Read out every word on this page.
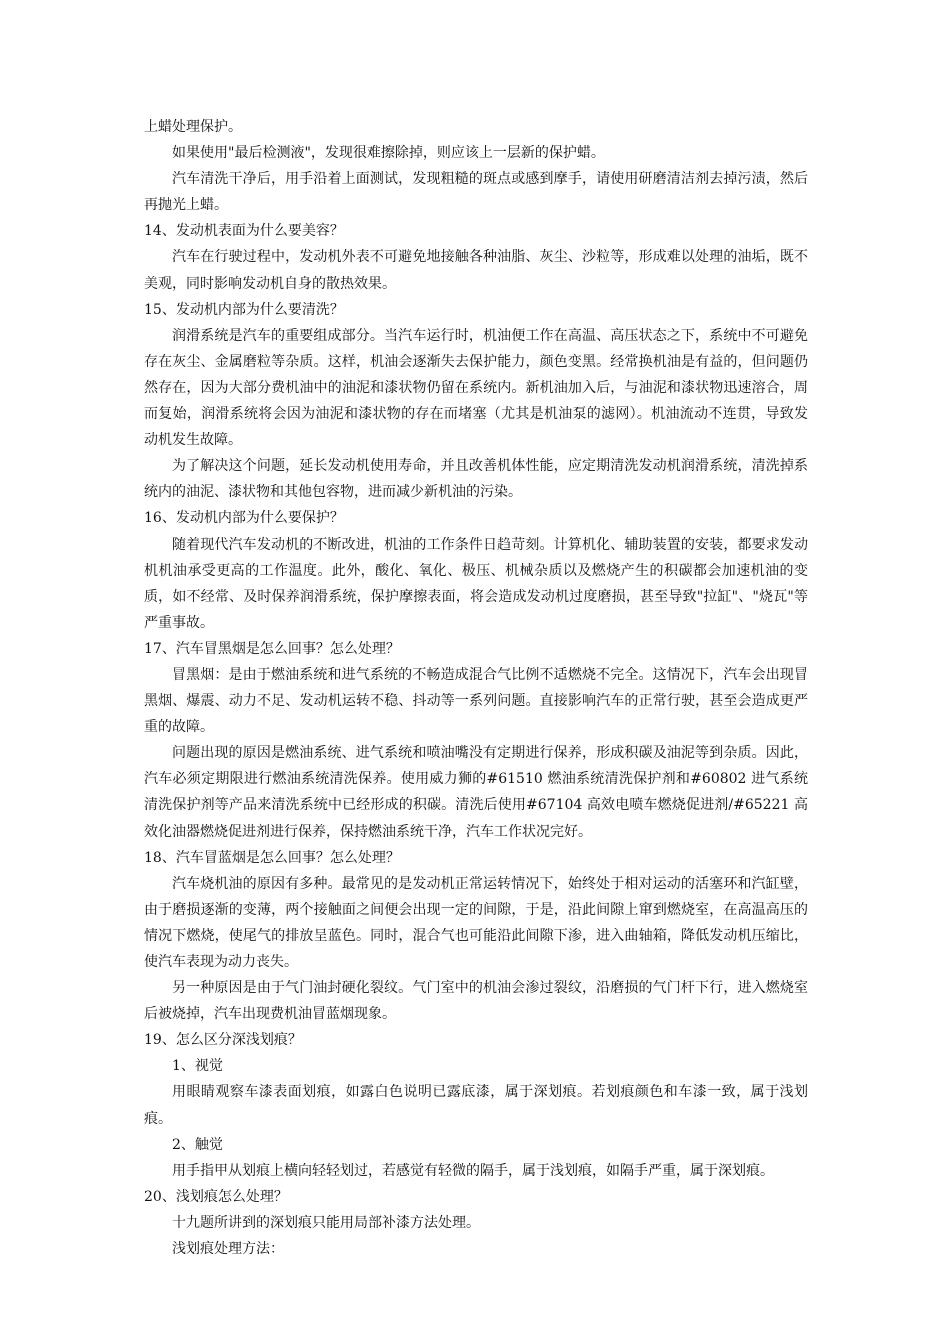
上蜡处理保护。

如果使用"最后检测液"，发现很难擦除掉，则应该上一层新的保护蜡。

汽车清洗干净后，用手沿着上面测试，发现粗糙的斑点或感到摩手，请使用研磨清洁剂去掉污渍，然后再抛光上蜡。

14、发动机表面为什么要美容？

汽车在行驶过程中，发动机外表不可避免地接触各种油脂、灰尘、沙粒等，形成难以处理的油垢，既不美观，同时影响发动机自身的散热效果。

15、发动机内部为什么要清洗？

润滑系统是汽车的重要组成部分。当汽车运行时，机油便工作在高温、高压状态之下，系统中不可避免存在灰尘、金属磨粒等杂质。这样，机油会逐渐失去保护能力，颜色变黑。经常换机油是有益的，但问题仍然存在，因为大部分费机油中的油泥和漆状物仍留在系统内。新机油加入后，与油泥和漆状物迅速溶合，周而复始，润滑系统将会因为油泥和漆状物的存在而堵塞（尤其是机油泵的滤网）。机油流动不连贯，导致发动机发生故障。

为了解决这个问题，延长发动机使用寿命，并且改善机体性能，应定期清洗发动机润滑系统，清洗掉系统内的油泥、漆状物和其他包容物，进而减少新机油的污染。

16、发动机内部为什么要保护？

随着现代汽车发动机的不断改进，机油的工作条件日趋苛刻。计算机化、辅助装置的安装，都要求发动机机油承受更高的工作温度。此外，酸化、氧化、极压、机械杂质以及燃烧产生的积碳都会加速机油的变质，如不经常、及时保养润滑系统，保护摩擦表面，将会造成发动机过度磨损，甚至导致"拉缸"、"烧瓦"等严重事故。

17、汽车冒黑烟是怎么回事？怎么处理？

冒黑烟：是由于燃油系统和进气系统的不畅造成混合气比例不适燃烧不完全。这情况下，汽车会出现冒黑烟、爆震、动力不足、发动机运转不稳、抖动等一系列问题。直接影响汽车的正常行驶，甚至会造成更严重的故障。

问题出现的原因是燃油系统、进气系统和喷油嘴没有定期进行保养，形成积碳及油泥等到杂质。因此，汽车必须定期限进行燃油系统清洗保养。使用威力狮的#61510 燃油系统清洗保护剂和#60802 进气系统清洗保护剂等产品来清洗系统中已经形成的积碳。清洗后使用#67104 高效电喷车燃烧促进剂/#65221 高效化油器燃烧促进剂进行保养，保持燃油系统干净，汽车工作状况完好。

18、汽车冒蓝烟是怎么回事？怎么处理？

汽车烧机油的原因有多种。最常见的是发动机正常运转情况下，始终处于相对运动的活塞环和汽缸壁，由于磨损逐渐的变薄，两个接触面之间便会出现一定的间隙，于是，沿此间隙上窜到燃烧室，在高温高压的情况下燃烧，使尾气的排放呈蓝色。同时，混合气也可能沿此间隙下渗，进入曲轴箱，降低发动机压缩比，使汽车表现为动力丧失。

另一种原因是由于气门油封硬化裂纹。气门室中的机油会渗过裂纹，沿磨损的气门杆下行，进入燃烧室后被烧掉，汽车出现费机油冒蓝烟现象。

19、怎么区分深浅划痕？

1、视觉

用眼睛观察车漆表面划痕，如露白色说明已露底漆，属于深划痕。若划痕颜色和车漆一致，属于浅划痕。

2、触觉

用手指甲从划痕上横向轻轻划过，若感觉有轻微的隔手，属于浅划痕，如隔手严重，属于深划痕。

20、浅划痕怎么处理？

十九题所讲到的深划痕只能用局部补漆方法处理。

浅划痕处理方法：
